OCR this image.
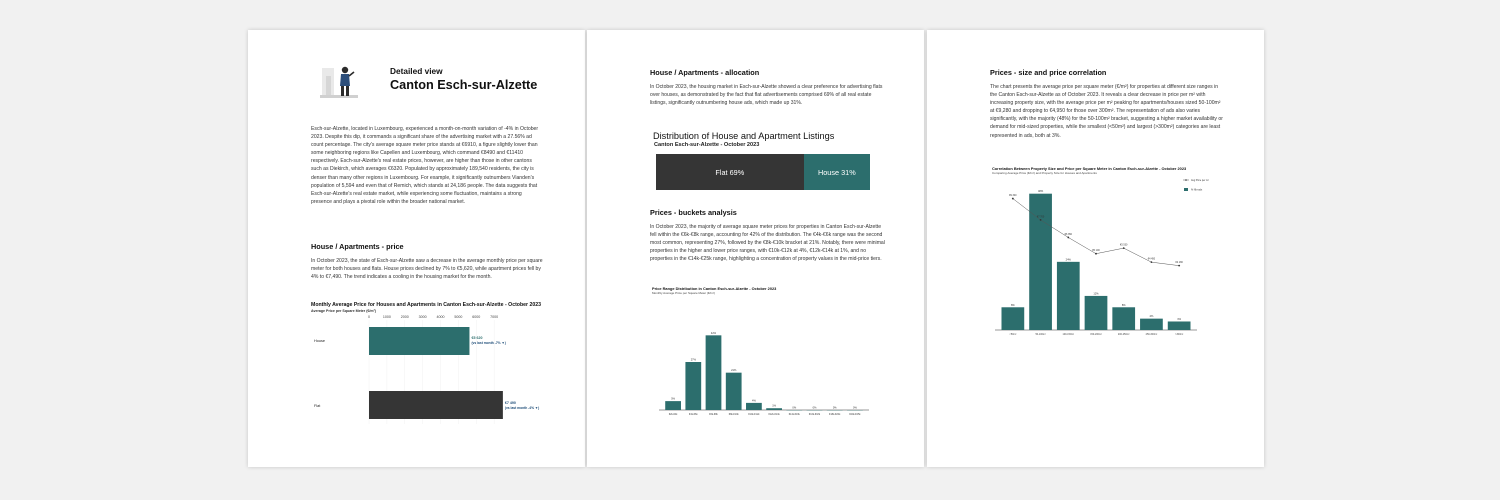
Detailed view
Canton Esch-sur-Alzette
Esch-sur-Alzette, located in Luxembourg, experienced a month-on-month variation of -4% in October 2023. Despite this dip, it commands a significant share of the advertising market with a 27.56% ad count percentage. The city's average square meter price stands at €6910, a figure slightly lower than some neighboring regions like Capellen and Luxembourg, which command €8490 and €11410 respectively. Esch-sur-Alzette's real estate prices, however, are higher than those in other cantons such as Diekirch, which averages €6320. Populated by approximately 189,540 residents, the city is denser than many other regions in Luxembourg. For example, it significantly outnumbers Vianden's population of 5,594 and even that of Remich, which stands at 24,186 people. The data suggests that Esch-sur-Alzette's real estate market, while experiencing some fluctuation, maintains a strong presence and plays a pivotal role within the broader national market.
House / Apartments - price
In October 2023, the state of Esch-sur-Alzette saw a decrease in the average monthly price per square meter for both houses and flats. House prices declined by 7% to €5,620, while apartment prices fell by 4% to €7,490. The trend indicates a cooling in the housing market for the month.
Monthly Average Price for Houses and Apartments in Canton Esch-sur-Alzette - October 2023
Average Price per Square Meter (€/m²)
0	1000	2000	3000	4000	5000	6000	7000
House
€5 620
(vs last month -7% ▼)
Flat
€7 490
(vs last month -4% ▼)
House / Apartments - allocation
In October 2023, the housing market in Esch-sur-Alzette showed a clear preference for advertising flats over houses, as demonstrated by the fact that flat advertisements comprised 69% of all real estate listings, significantly outnumbering house ads, which made up 31%.
Distribution of House and Apartment Listings
Canton Esch-sur-Alzette - October 2023
Flat 69%	House 31%
Prices - buckets analysis
In October 2023, the majority of average square meter prices for properties in Canton Esch-sur-Alzette fell within the €6k-€8k range, accounting for 42% of the distribution. The €4k-€6k range was the second most common, representing 27%, followed by the €8k-€10k bracket at 21%. Notably, there were minimal properties in the higher and lower price ranges, with €10k-€12k at 4%, €12k-€14k at 1%, and no properties in the €14k-€25k range, highlighting a concentration of property values in the mid-price tiers.
Price Range Distribution in Canton Esch-sur-Alzette - October 2023
Monthly Average Price per Square Meter (€/m²)
5%
€2k-€4k
27%
€4k-€6k
42%
€6k-€8k
21%
€8k-€10k
4%
€10k-€12k
1%
€12k-€14k
0%
€14k-€16k
0%
€16k-€18k
0%
€18k-€20k
0%
€20k-€25k
Prices - size and price correlation
The chart presents the average price per square meter (€/m²) for properties at different size ranges in the Canton Esch-sur-Alzette as of October 2023. It reveals a clear decrease in price per m² with increasing property size, with the average price per m² peaking for apartments/houses sized 50-100m² at €9,280 and dropping to €4,950 for those over 300m². The representation of ads also varies significantly, with the majority (48%) for the 50-100m² bracket, suggesting a higher market availability or demand for mid-sized properties, while the smallest (<50m²) and largest (>300m²) categories are least represented in ads, both at 3%.
Correlation Between Property Size and Price per Square Meter in Canton Esch-sur-Alzette - October 2023
Comparing Average Price (€/m²) and Property Size for Houses and Apartments
8%
<50m²
48%
50-100m²
24%
100-150m²
12%
150-200m²
8%
200-250m²
4%
250-300m²
3%
>300m²
€9 340
€7 700
€6 350
€5 100
€5 530
€4 450
€4 180
Avg Price per m²
% Nbr ads
